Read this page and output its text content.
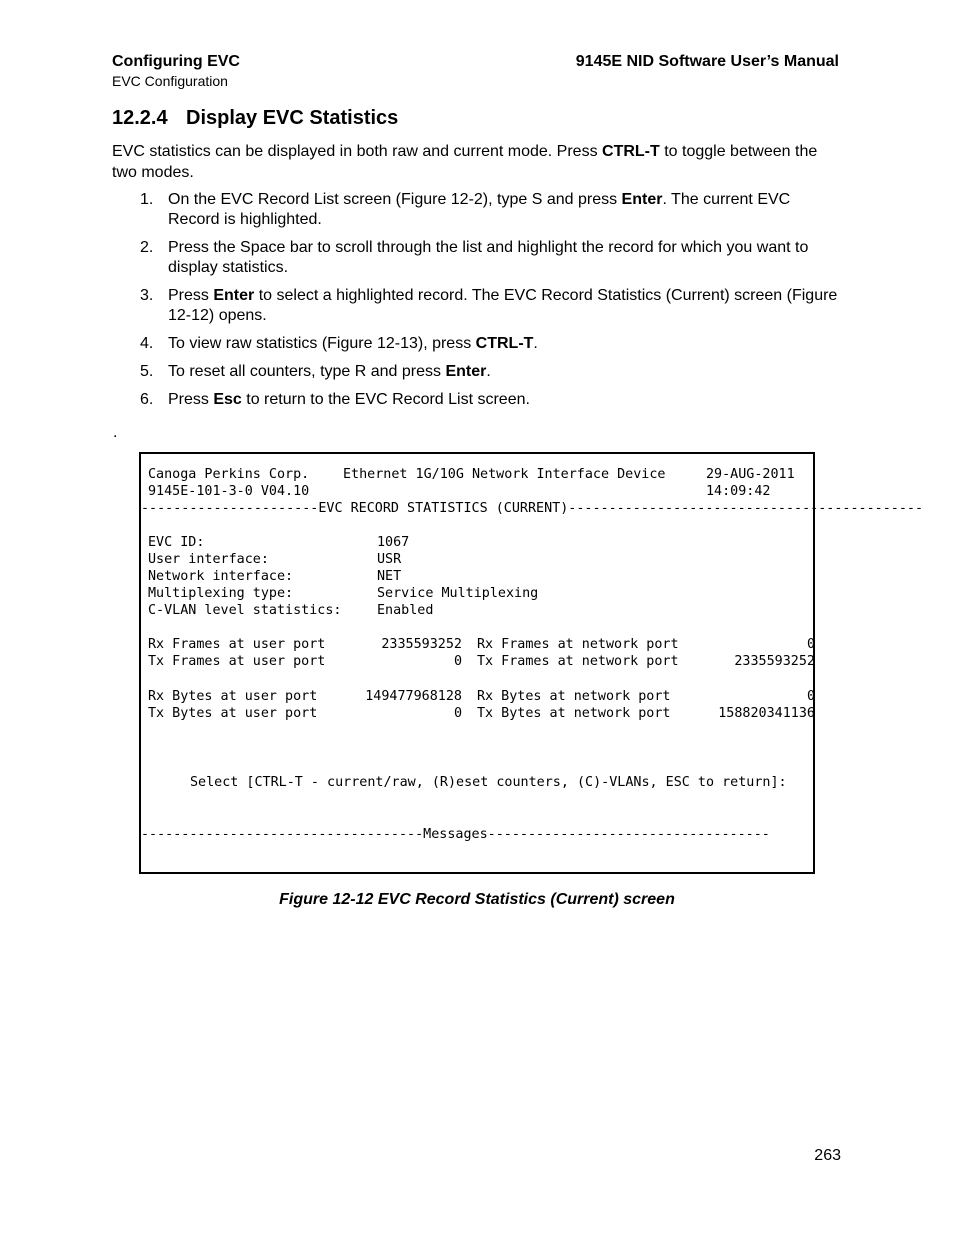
Configuring EVC
EVC Configuration
9145E NID Software User’s Manual
12.2.4 Display EVC Statistics
EVC statistics can be displayed in both raw and current mode. Press CTRL-T to toggle between the two modes.
1. On the EVC Record List screen (Figure 12-2), type S and press Enter. The current EVC Record is highlighted.
2. Press the Space bar to scroll through the list and highlight the record for which you want to display statistics.
3. Press Enter to select a highlighted record. The EVC Record Statistics (Current) screen (Figure 12-12) opens.
4. To view raw statistics (Figure 12-13), press CTRL-T.
5. To reset all counters, type R and press Enter.
6. Press Esc to return to the EVC Record List screen.
.
Canoga Perkins Corp.	Ethernet 1G/10G Network Interface Device	29-AUG-2011
9145E-101-3-0 V04.10	14:09:42
----------------------EVC RECORD STATISTICS (CURRENT)--------------------------------------------
EVC ID:	1067
User interface:	USR
Network interface:	NET
Multiplexing type:	Service Multiplexing
C-VLAN level statistics:	Enabled
Rx Frames at user port	2335593252 Rx Frames at network port	0
Tx Frames at user port	0 Tx Frames at network port	2335593252
Rx Bytes at user port	149477968128 Rx Bytes at network port	0
Tx Bytes at user port	0 Tx Bytes at network port	158820341136
Select [CTRL-T - current/raw, (R)eset counters, (C)-VLANs, ESC to return]:
-----------------------------------Messages-----------------------------------
Figure 12-12 EVC Record Statistics (Current) screen
263
